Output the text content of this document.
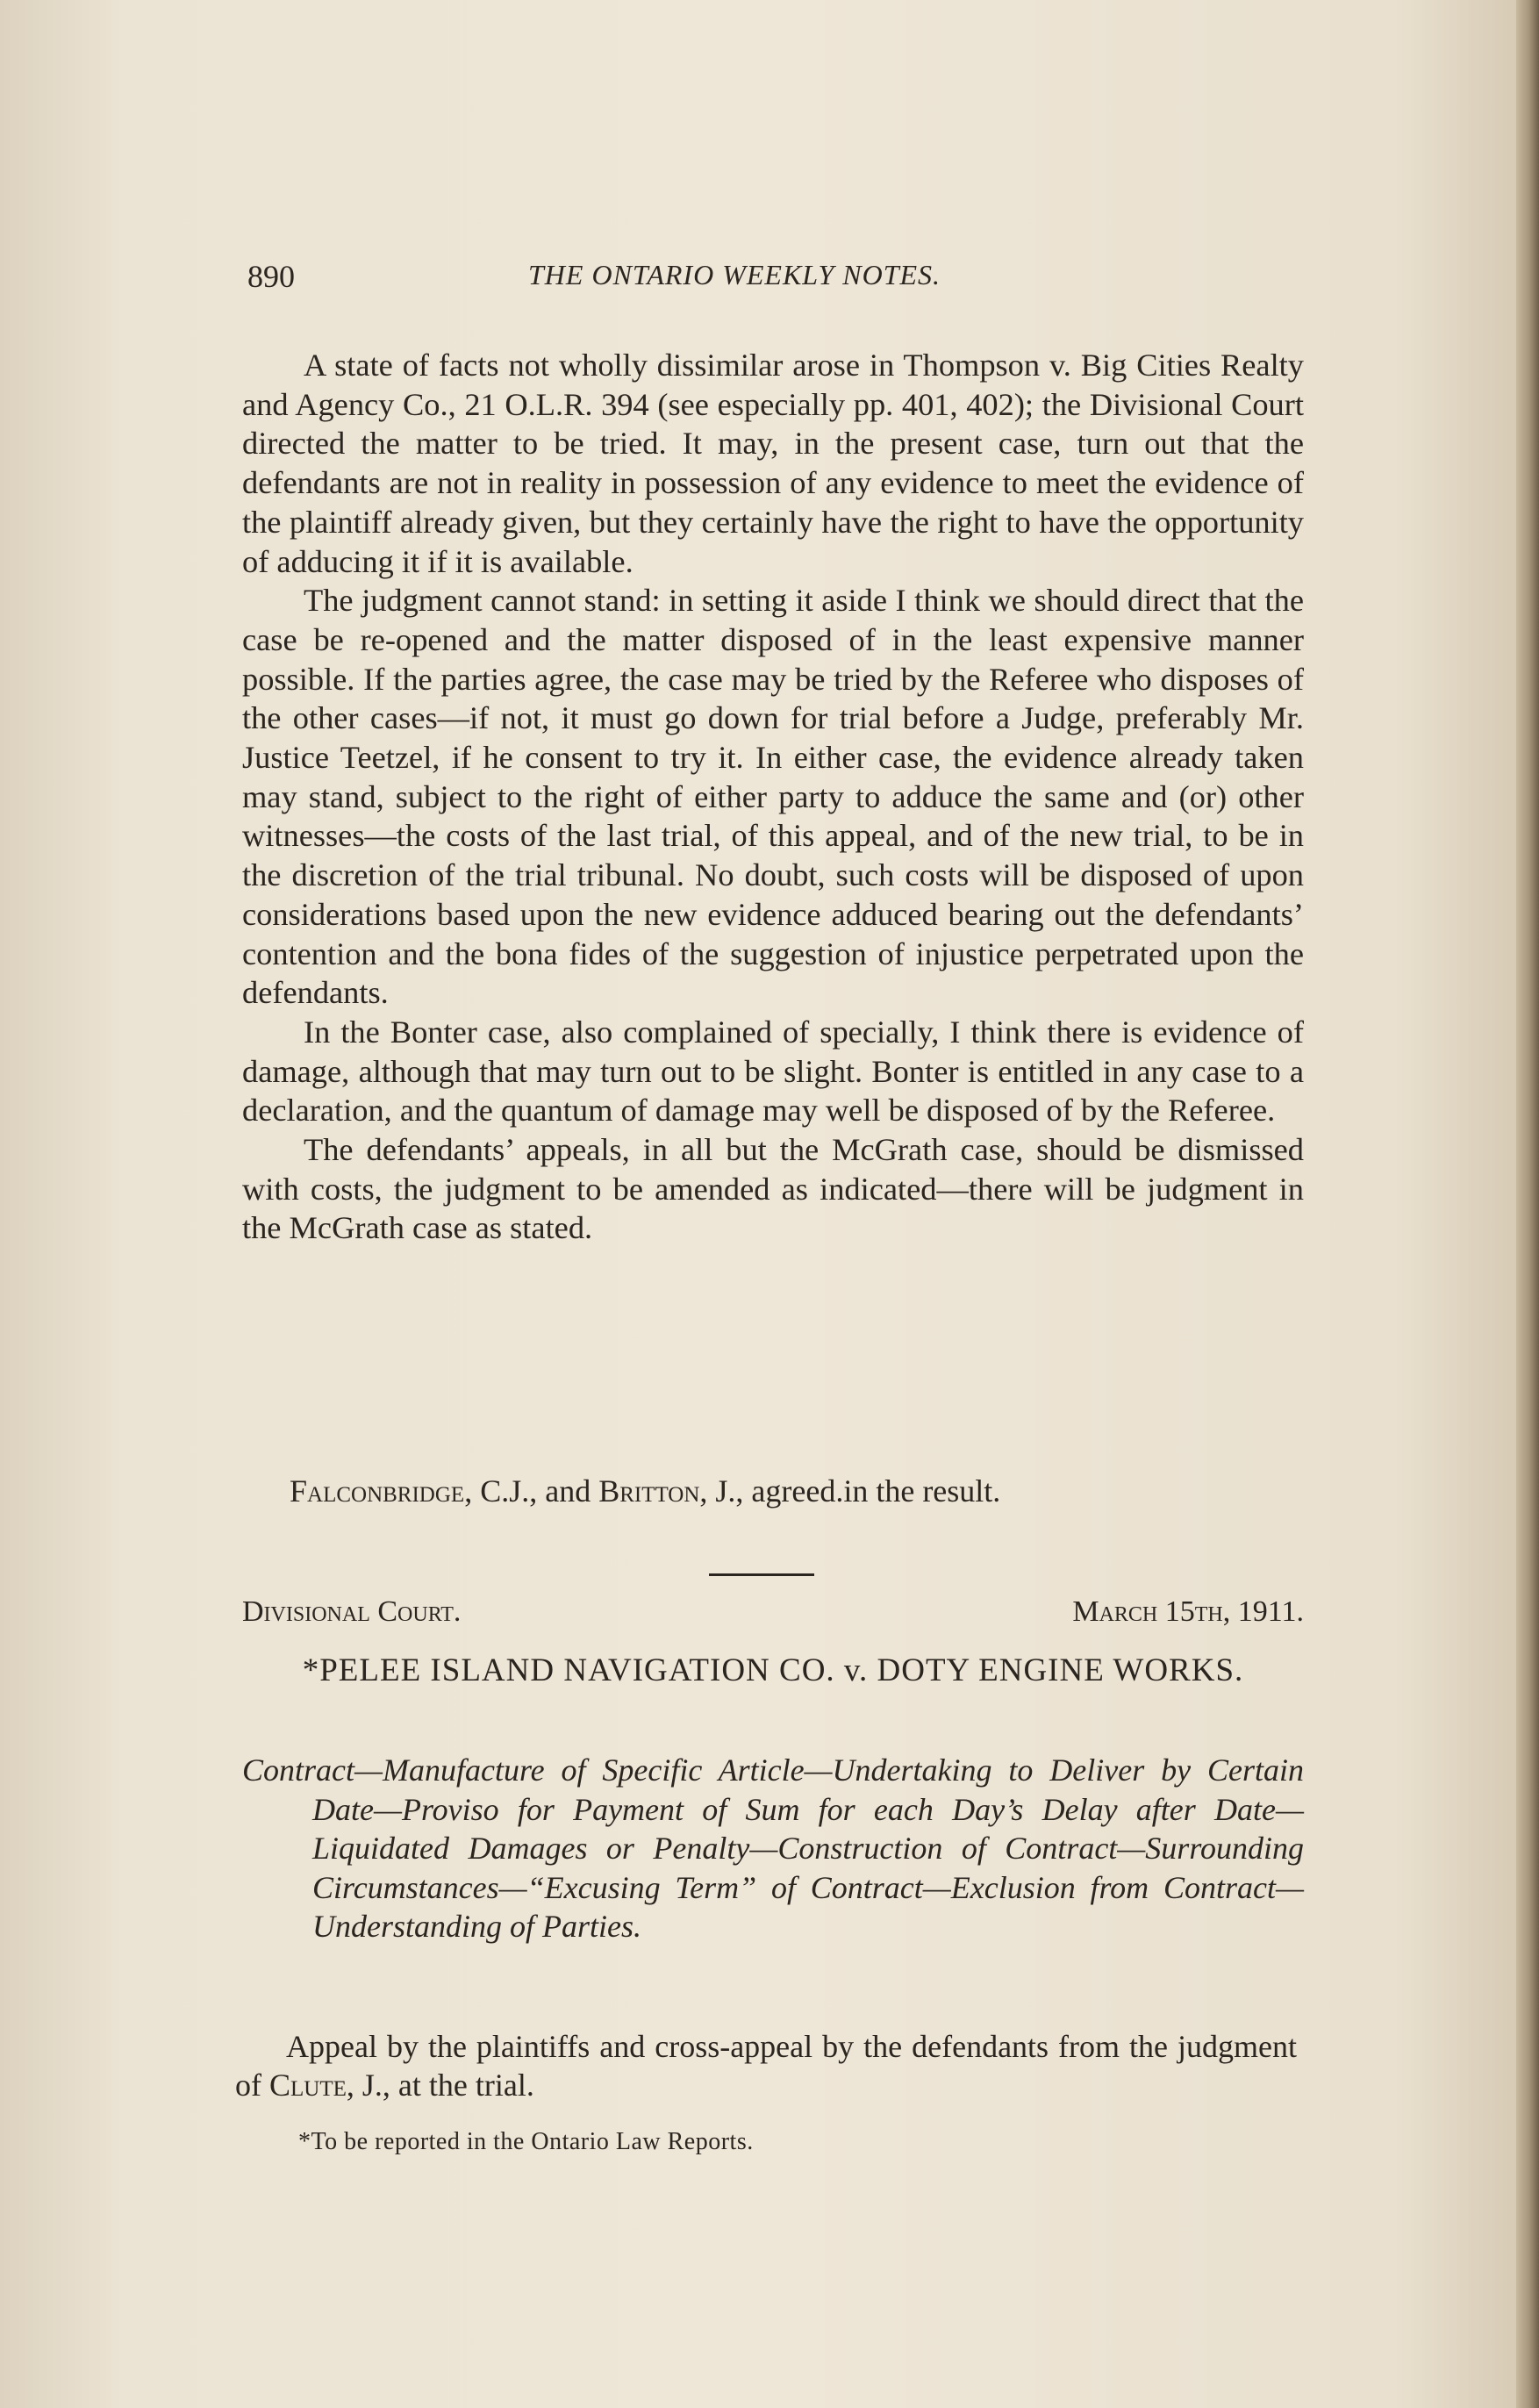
890	THE ONTARIO WEEKLY NOTES.

A state of facts not wholly dissimilar arose in Thompson v. Big Cities Realty and Agency Co., 21 O.L.R. 394 (see especially pp. 401, 402); the Divisional Court directed the matter to be tried. It may, in the present case, turn out that the defendants are not in reality in possession of any evidence to meet the evidence of the plaintiff already given, but they certainly have the right to have the opportunity of adducing it if it is available.

The judgment cannot stand: in setting it aside I think we should direct that the case be re-opened and the matter disposed of in the least expensive manner possible. If the parties agree, the case may be tried by the Referee who disposes of the other cases—if not, it must go down for trial before a Judge, preferably Mr. Justice Teetzel, if he consent to try it. In either case, the evidence already taken may stand, subject to the right of either party to adduce the same and (or) other witnesses—the costs of the last trial, of this appeal, and of the new trial, to be in the discretion of the trial tribunal. No doubt, such costs will be disposed of upon considerations based upon the new evidence adduced bearing out the defendants’ contention and the bona fides of the suggestion of injustice perpetrated upon the defendants.

In the Bonter case, also complained of specially, I think there is evidence of damage, although that may turn out to be slight. Bonter is entitled in any case to a declaration, and the quantum of damage may well be disposed of by the Referee.

The defendants’ appeals, in all but the McGrath case, should be dismissed with costs, the judgment to be amended as indicated—there will be judgment in the McGrath case as stated.

Falconbridge, C.J., and Britton, J., agreed.in the result.
Divisional Court.	March 15th, 1911.
*PELEE ISLAND NAVIGATION CO. v. DOTY ENGINE WORKS.
Contract—Manufacture of Specific Article—Undertaking to Deliver by Certain Date—Proviso for Payment of Sum for each Day’s Delay after Date—Liquidated Damages or Penalty—Construction of Contract—Surrounding Circumstances—“Excusing Term” of Contract—Exclusion from Contract—Understanding of Parties.

Appeal by the plaintiffs and cross-appeal by the defendants from the judgment of Clute, J., at the trial.

*To be reported in the Ontario Law Reports.
